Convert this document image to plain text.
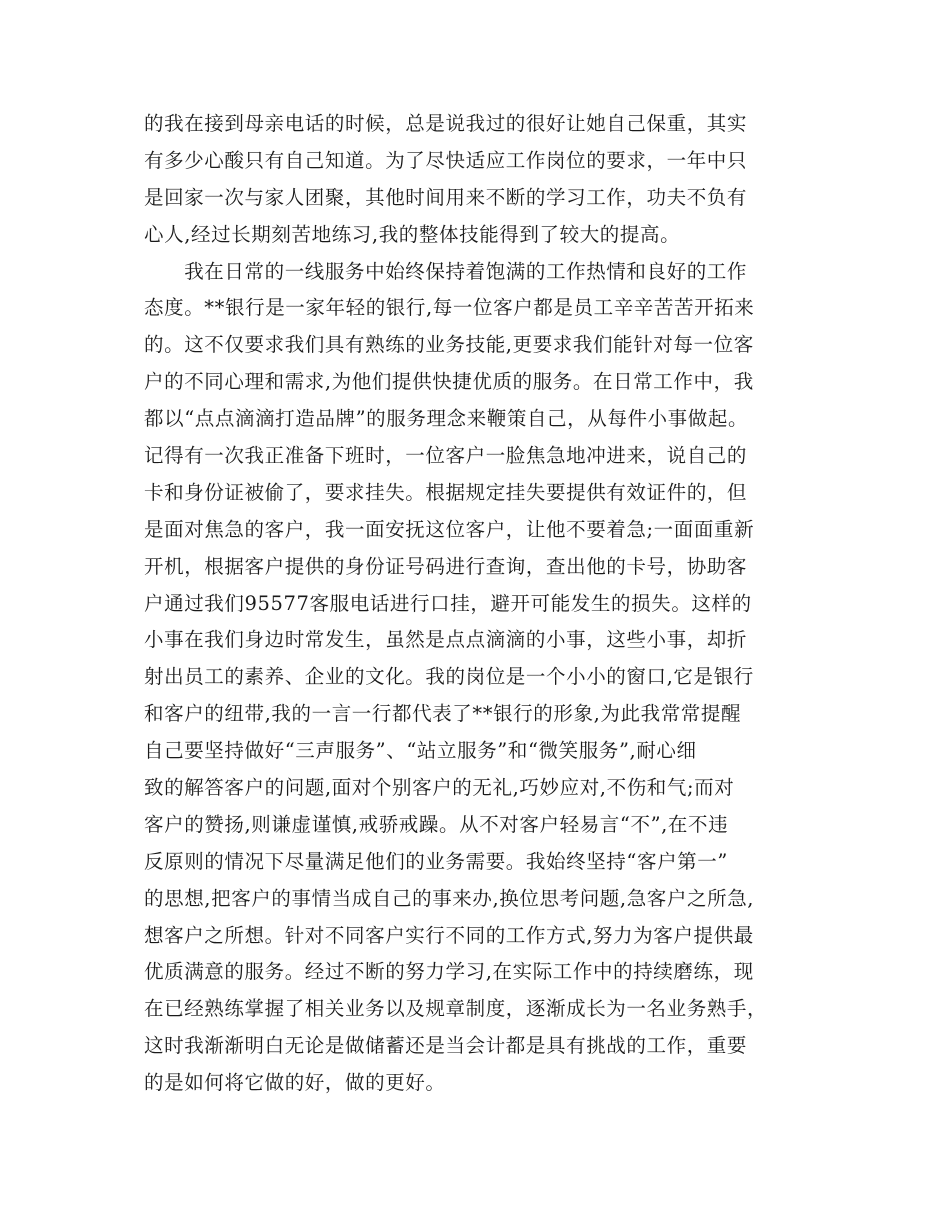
的我在接到母亲电话的时候，总是说我过的很好让她自己保重，其实
有多少心酸只有自己知道。为了尽快适应工作岗位的要求，一年中只
是回家一次与家人团聚，其他时间用来不断的学习工作，功夫不负有
心人,经过长期刻苦地练习,我的整体技能得到了较大的提高。
　　我在日常的一线服务中始终保持着饱满的工作热情和良好的工作
态度。**银行是一家年轻的银行,每一位客户都是员工辛辛苦苦开拓来
的。这不仅要求我们具有熟练的业务技能,更要求我们能针对每一位客
户的不同心理和需求,为他们提供快捷优质的服务。在日常工作中，我
都以“点点滴滴打造品牌”的服务理念来鞭策自己，从每件小事做起。
记得有一次我正准备下班时，一位客户一脸焦急地冲进来，说自己的
卡和身份证被偷了，要求挂失。根据规定挂失要提供有效证件的，但
是面对焦急的客户，我一面安抚这位客户，让他不要着急;一面面重新
开机，根据客户提供的身份证号码进行查询，查出他的卡号，协助客
户通过我们95577客服电话进行口挂，避开可能发生的损失。这样的
小事在我们身边时常发生，虽然是点点滴滴的小事，这些小事，却折
射出员工的素养、企业的文化。我的岗位是一个小小的窗口,它是银行
和客户的纽带,我的一言一行都代表了**银行的形象,为此我常常提醒
自己要坚持做好“三声服务”、“站立服务”和“微笑服务”,耐心细
致的解答客户的问题,面对个别客户的无礼,巧妙应对,不伤和气;而对
客户的赞扬,则谦虚谨慎,戒骄戒躁。从不对客户轻易言“不”,在不违
反原则的情况下尽量满足他们的业务需要。我始终坚持“客户第一”
的思想,把客户的事情当成自己的事来办,换位思考问题,急客户之所急,
想客户之所想。针对不同客户实行不同的工作方式,努力为客户提供最
优质满意的服务。经过不断的努力学习,在实际工作中的持续磨练，现
在已经熟练掌握了相关业务以及规章制度，逐渐成长为一名业务熟手，
这时我渐渐明白无论是做储蓄还是当会计都是具有挑战的工作，重要
的是如何将它做的好，做的更好。
